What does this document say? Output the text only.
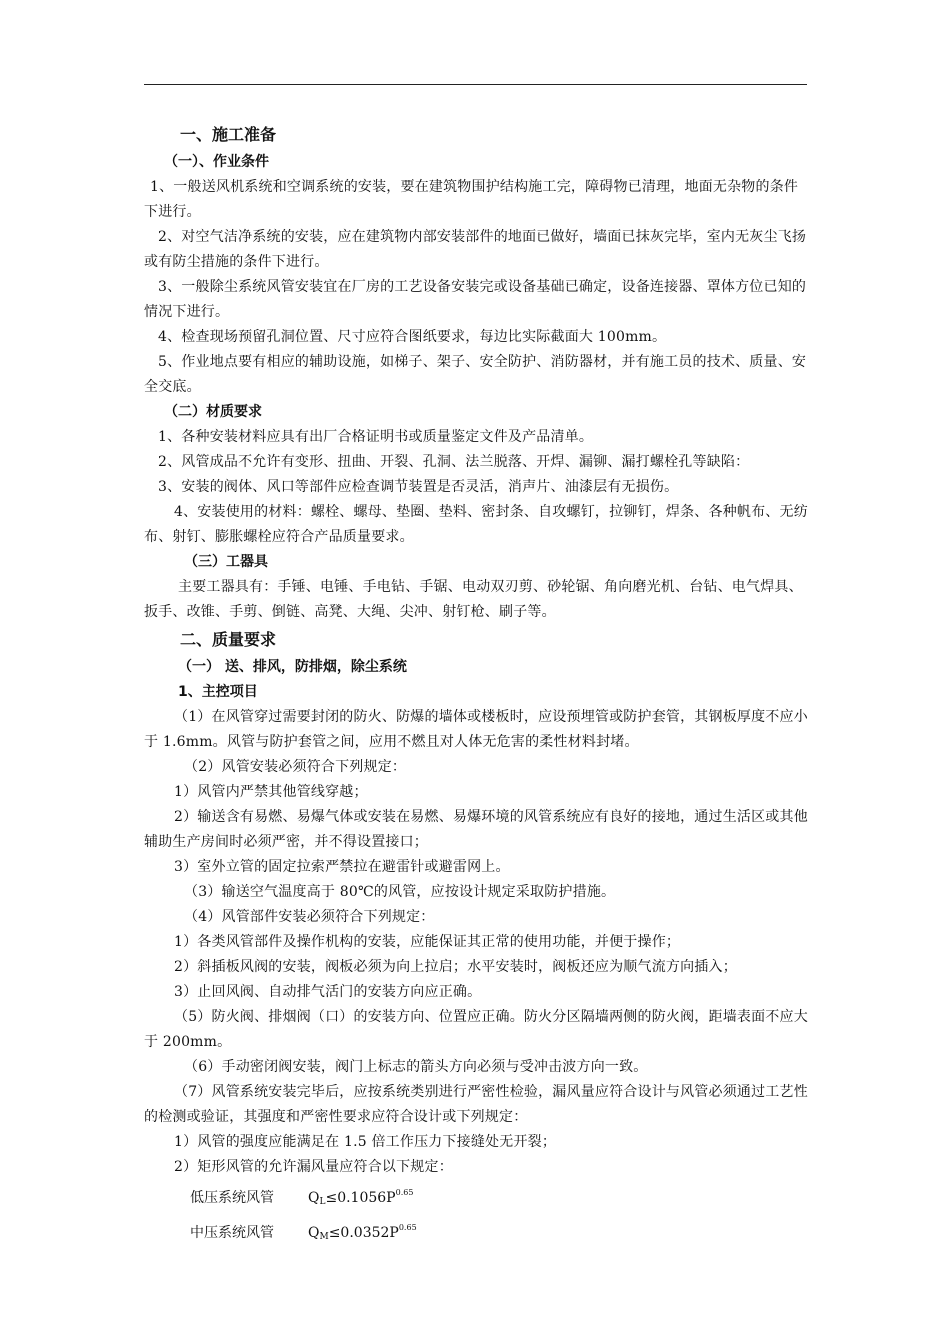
一、施工准备
（一）、作业条件
1、一般送风机系统和空调系统的安装，要在建筑物围护结构施工完，障碍物已清理，地面无杂物的条件下进行。
2、对空气洁净系统的安装，应在建筑物内部安装部件的地面已做好，墙面已抹灰完毕，室内无灰尘飞扬或有防尘措施的条件下进行。
3、一般除尘系统风管安装宜在厂房的工艺设备安装完或设备基础已确定，设备连接器、罩体方位已知的情况下进行。
4、检查现场预留孔洞位置、尺寸应符合图纸要求，每边比实际截面大 100mm。
5、作业地点要有相应的辅助设施，如梯子、架子、安全防护、消防器材，并有施工员的技术、质量、安全交底。
（二）材质要求
1、各种安装材料应具有出厂合格证明书或质量鉴定文件及产品清单。
2、风管成品不允许有变形、扭曲、开裂、孔洞、法兰脱落、开焊、漏铆、漏打螺栓孔等缺陷：
3、安装的阀体、风口等部件应检查调节装置是否灵活，消声片、油漆层有无损伤。
4、安装使用的材料：螺栓、螺母、垫圈、垫料、密封条、自攻螺钉，拉铆钉，焊条、各种帆布、无纺布、射钉、膨胀螺栓应符合产品质量要求。
（三）工器具
主要工器具有：手锤、电锤、手电钻、手锯、电动双刃剪、砂轮锯、角向磨光机、台钻、电气焊具、扳手、改锥、手剪、倒链、高凳、大绳、尖冲、射钉枪、刷子等。
二、质量要求
（一） 送、排风，防排烟，除尘系统
1、主控项目
（1）在风管穿过需要封闭的防火、防爆的墙体或楼板时，应设预埋管或防护套管，其钢板厚度不应小于 1.6mm。风管与防护套管之间，应用不燃且对人体无危害的柔性材料封堵。
（2）风管安装必须符合下列规定：
1）风管内严禁其他管线穿越；
2）输送含有易燃、易爆气体或安装在易燃、易爆环境的风管系统应有良好的接地，通过生活区或其他辅助生产房间时必须严密，并不得设置接口；
3）室外立管的固定拉索严禁拉在避雷针或避雷网上。
（3）输送空气温度高于 80℃的风管，应按设计规定采取防护措施。
（4）风管部件安装必须符合下列规定：
1）各类风管部件及操作机构的安装，应能保证其正常的使用功能，并便于操作；
2）斜插板风阀的安装，阀板必须为向上拉启；水平安装时，阀板还应为顺气流方向插入；
3）止回风阀、自动排气活门的安装方向应正确。
（5）防火阀、排烟阀（口）的安装方向、位置应正确。防火分区隔墙两侧的防火阀，距墙表面不应大于 200mm。
（6）手动密闭阀安装，阀门上标志的箭头方向必须与受冲击波方向一致。
（7）风管系统安装完毕后，应按系统类别进行严密性检验，漏风量应符合设计与风管必须通过工艺性的检测或验证，其强度和严密性要求应符合设计或下列规定：
1）风管的强度应能满足在 1.5 倍工作压力下接缝处无开裂；
2）矩形风管的允许漏风量应符合以下规定：
低压系统风管 $Q_L\le 0.1056P^{0.65}$
中压系统风管 $Q_M\le 0.0352P^{0.65}$
